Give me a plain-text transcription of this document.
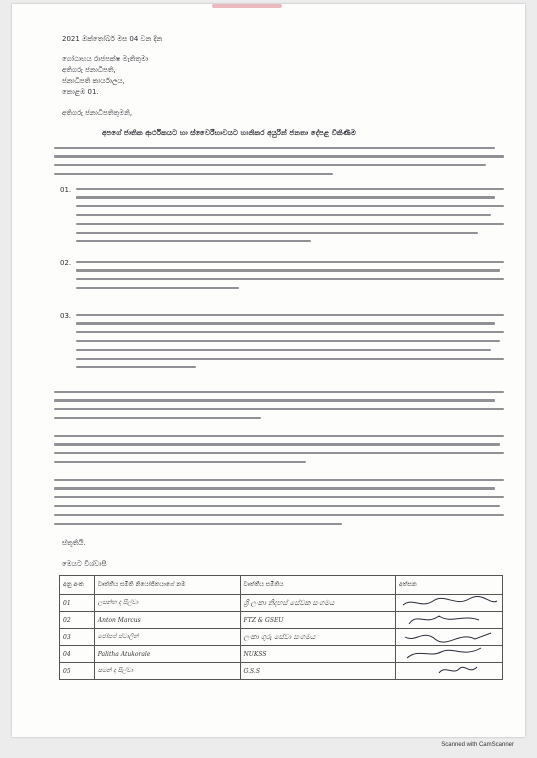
2021 ඔක්තෝබර් මස 04 වන දින
ගෝඨාභය රාජපක්ෂ මැතිතුමා
අතිගරු ජනාධිපති,
ජනාධිපති කාර්යාලය,
කොළඹ 01.
අතිගරු ජනාධිපතිතුමනි,
අපගේ ජාතික ආර්ථිකයට හා ස්වෛරීභාවයට හානිකර අයුරින් ජනතා දේපළ විකිණීම
01.
02.
03.
ස්තූතියි.
මෙයට විශ්වාසී
අනු අංක	වෘත්තීය සමිති නියෝජිතයාගේ නම	වෘත්තීය සමිතිය	අත්සන
01	ලසන්ත ද සිල්වා	ශ්‍රී ලංකා නිදහස් සේවක සංගමය	
02	Anton Marcus	FTZ & GSEU	
03	ජෝසප් ස්ටාලින්	ලංකා ගුරු සේවා සංගමය	
04	Palitha Atukorale	NUKSS	
05	සමන් ද සිල්වා	G.S.S	
Scanned with CamScanner
